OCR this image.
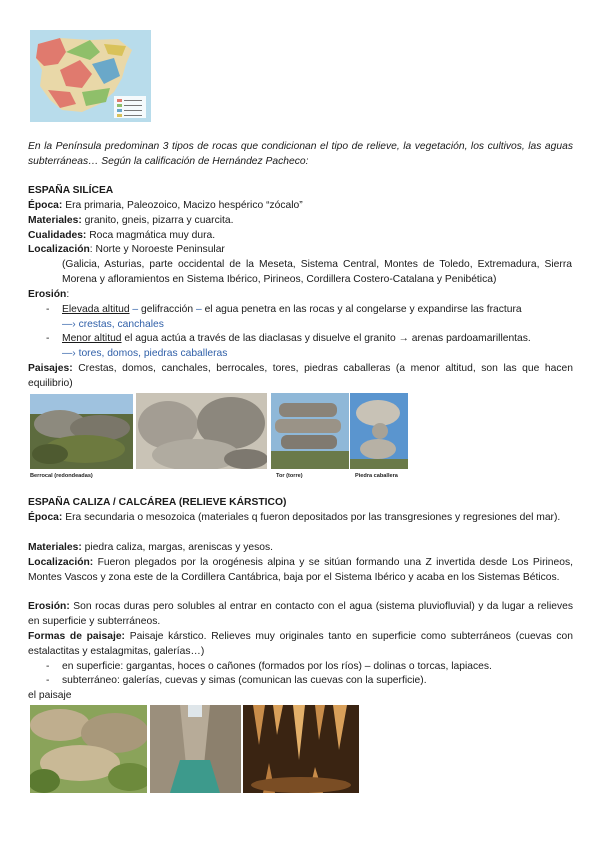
En la Península predominan 3 tipos de rocas que condicionan el tipo de relieve, la vegetación, los cultivos, las aguas subterráneas… Según la calificación de Hernández Pacheco:
ESPAÑA SILÍCEA
Época: Era primaria, Paleozoico, Macizo hespérico “zócalo”
Materiales: granito, gneis, pizarra y cuarcita.
Cualidades: Roca magmática muy dura.
Localización: Norte y Noroeste Peninsular
(Galicia, Asturias, parte occidental de la Meseta, Sistema Central, Montes de Toledo, Extremadura, Sierra Morena y afloramientos en Sistema Ibérico, Pirineos, Cordillera Costero-Catalana y Penibética)
Erosión:
- Elevada altitud – gelifracción – el agua penetra en las rocas y al congelarse y expandirse las fractura
—› crestas, canchales
- Menor altitud el agua actúa a través de las diaclasas y disuelve el granito → arenas pardoamarillentas.
—› tores, domos, piedras caballeras
Paisajes: Crestas, domos, canchales, berrocales, tores, piedras caballeras (a menor altitud, son las que hacen equilibrio)
Berrocal (redondeadas)	Tor (torre)	Piedra caballera
ESPAÑA CALIZA / CALCÁREA (RELIEVE KÁRSTICO)
Época: Era secundaria o mesozoica (materiales q fueron depositados por las transgresiones y regresiones del mar).
Materiales: piedra caliza, margas, areniscas y yesos.
Localización: Fueron plegados por la orogénesis alpina y se sitúan formando una Z invertida desde Los Pirineos, Montes Vascos y zona este de la Cordillera Cantábrica, baja por el Sistema Ibérico y acaba en los Sistemas Béticos.
Erosión: Son rocas duras pero solubles al entrar en contacto con el agua (sistema pluviofluvial) y da lugar a relieves en superficie y subterráneos.
Formas de paisaje: Paisaje kárstico. Relieves muy originales tanto en superficie como subterráneos (cuevas con estalactitas y estalagmitas, galerías…)
- en superficie: gargantas, hoces o cañones (formados por los ríos) – dolinas o torcas, lapiaces.
- subterráneo: galerías, cuevas y simas (comunican las cuevas con la superficie).
el paisaje
